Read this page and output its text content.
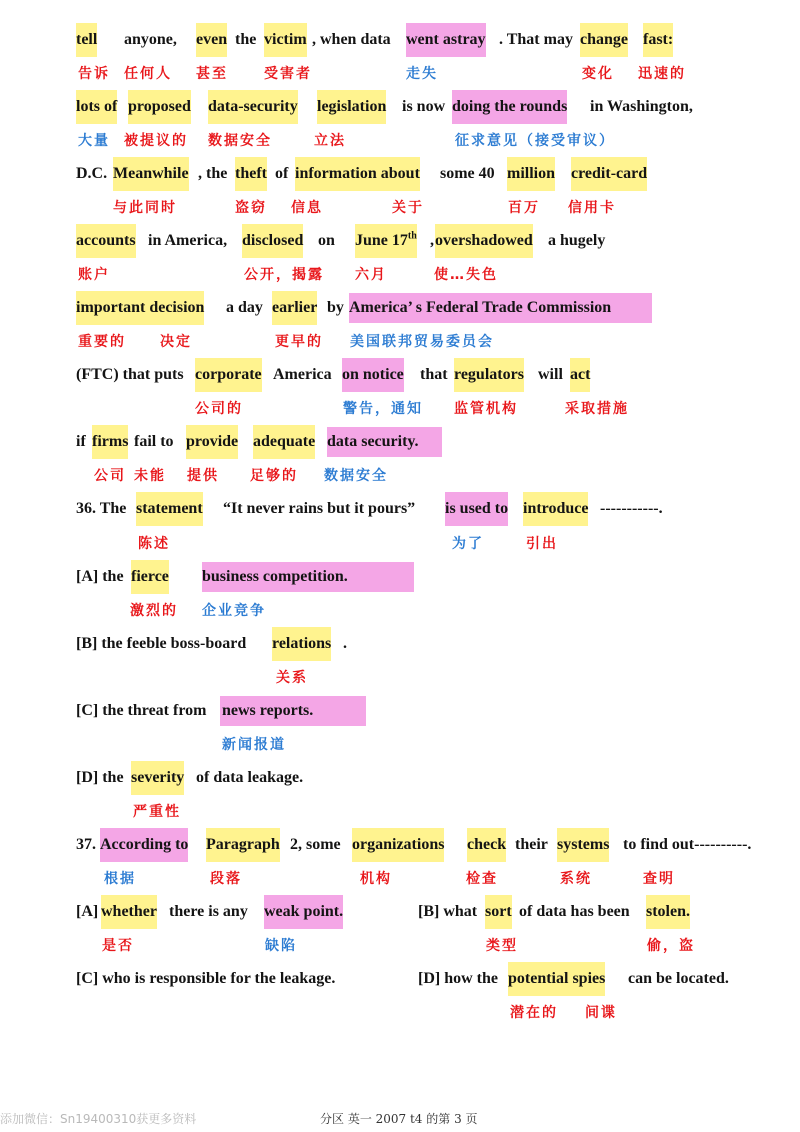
tell anyone, even the victim , when data went astray . That may change fast:
lots of proposed data-security legislation is now doing the rounds in Washington,
D.C. Meanwhile , the theft of information about some 40 million credit-card
accounts in America, disclosed on June 17th , overshadowed a hugely
important decision a day earlier by America’ s Federal Trade Commission
(FTC) that puts corporate America on notice that regulators will act
if firms fail to provide adequate data security.
36. The statement “It never rains but it pours” is used to introduce -----------.
[A] the fierce business competition.
[B] the feeble boss-board relations .
[C] the threat from news reports.
[D] the severity of data leakage.
37. According to Paragraph 2, some organizations check their systems to find out----------.
[A] whether there is any weak point.	[B] what sort of data has been stolen.
[C] who is responsible for the leakage.	[D] how the potential spies can be located.
告诉 任何人 甚至	受害者	走失	变化 迅速的
大量 被提议的 数据安全	立法	征求意见（接受审议）
与此同时	盗窃 信息	关于	百万 信用卡
账户	公开，揭露 六月	使…失色
重要的 决定	更早的 美国联邦贸易委员会
公司的	警告，通知 监管机构	采取措施
公司 未能 提供 足够的 数据安全
陈述	为了	引出
激烈的 企业竞争
关系
新闻报道
严重性
根据	段落	机构	检查	系统	查明
是否	缺陷	类型	偷，盗
潜在的 间谍
添加微信：Sn19400310获更多资料	分区 英一 2007 t4 的第 3 页
